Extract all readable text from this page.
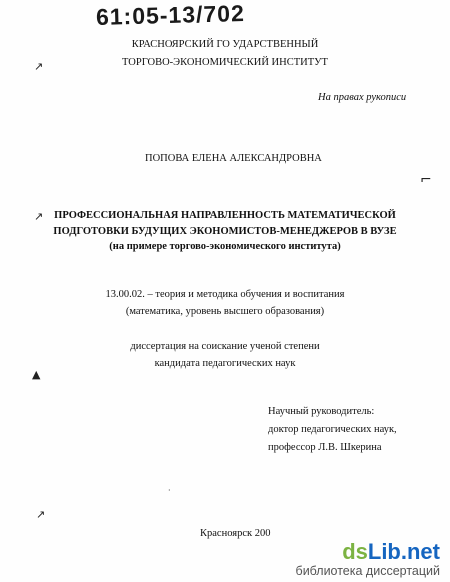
61:05-13/702
↗
↗
▲
↗
⌐
КРАСНОЯРСКИЙ ГО УДАРСТВЕННЫЙ
ТОРГОВО-ЭКОНОМИЧЕСКИЙ ИНСТИТУТ
На правах рукописи
ПОПОВА ЕЛЕНА АЛЕКСАНДРОВНА
ПРОФЕССИОНАЛЬНАЯ НАПРАВЛЕННОСТЬ МАТЕМАТИЧЕСКОЙ
ПОДГОТОВКИ БУДУЩИХ ЭКОНОМИСТОВ-МЕНЕДЖЕРОВ В ВУЗЕ
(на примере торгово-экономического института)
13.00.02. – теория и методика обучения и воспитания
(математика, уровень высшего образования)
диссертация на соискание ученой степени
кандидата педагогических наук
Научный руководитель:
доктор педагогических наук,
профессор Л.В. Шкерина
·
Красноярск 200
dsLib.net
библиотека диссертаций
